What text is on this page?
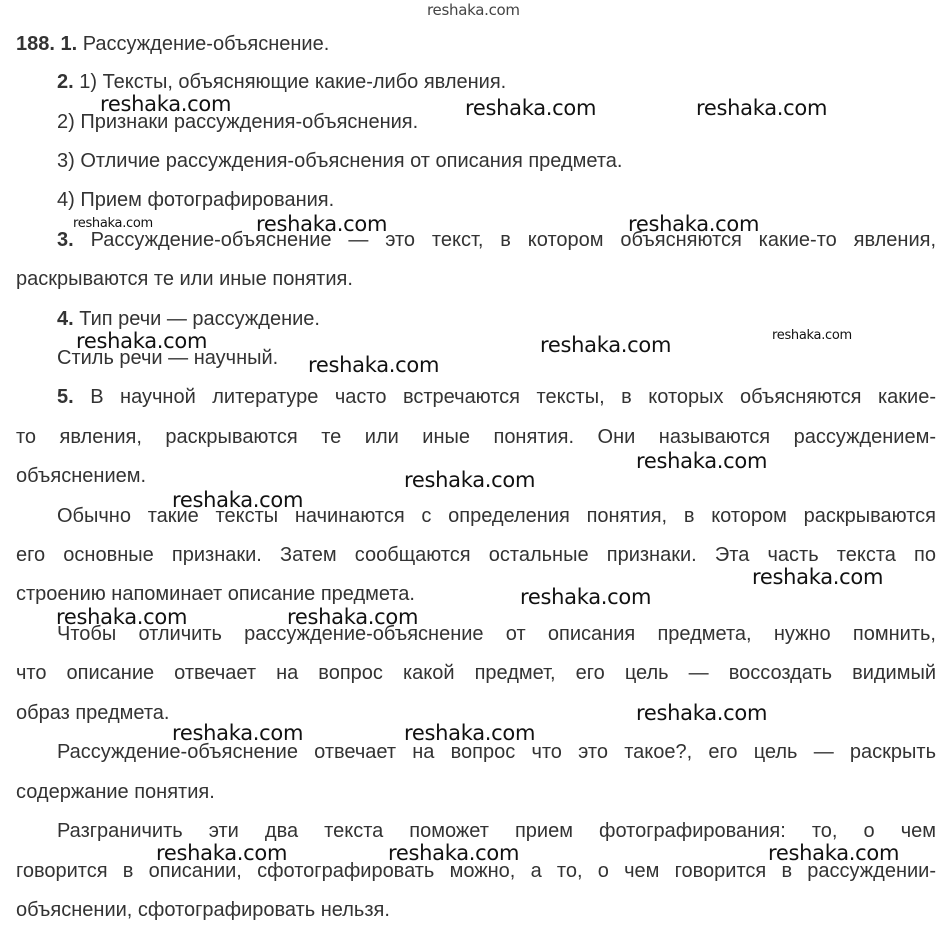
reshaka.com
188. 1. Рассуждение-объяснение.
2. 1) Тексты, объясняющие какие-либо явления.
2) Признаки рассуждения-объяснения.
3) Отличие рассуждения-объяснения от описания предмета.
4) Прием фотографирования.
3. Рассуждение-объяснение — это текст, в котором объясняются какие-то явления,
раскрываются те или иные понятия.
4. Тип речи — рассуждение.
Стиль речи — научный.
5. В научной литературе часто встречаются тексты, в которых объясняются какие-
то явления, раскрываются те или иные понятия. Они называются рассуждением-
объяснением.
Обычно такие тексты начинаются с определения понятия, в котором раскрываются
его основные признаки. Затем сообщаются остальные признаки. Эта часть текста по
строению напоминает описание предмета.
Чтобы отличить рассуждение-объяснение от описания предмета, нужно помнить,
что описание отвечает на вопрос какой предмет, его цель — воссоздать видимый
образ предмета.
Рассуждение-объяснение отвечает на вопрос что это такое?, его цель — раскрыть
содержание понятия.
Разграничить эти два текста поможет прием фотографирования: то, о чем
говорится в описании, сфотографировать можно, а то, о чем говорится в рассуждении-
объяснении, сфотографировать нельзя.
reshaka.com	reshaka.com	reshaka.com
reshaka.com	reshaka.com	reshaka.com
reshaka.com	reshaka.com	reshaka.com
reshaka.com
reshaka.com
reshaka.com
reshaka.com
reshaka.com
reshaka.com
reshaka.com	reshaka.com
reshaka.com
reshaka.com	reshaka.com
reshaka.com	reshaka.com	reshaka.com
